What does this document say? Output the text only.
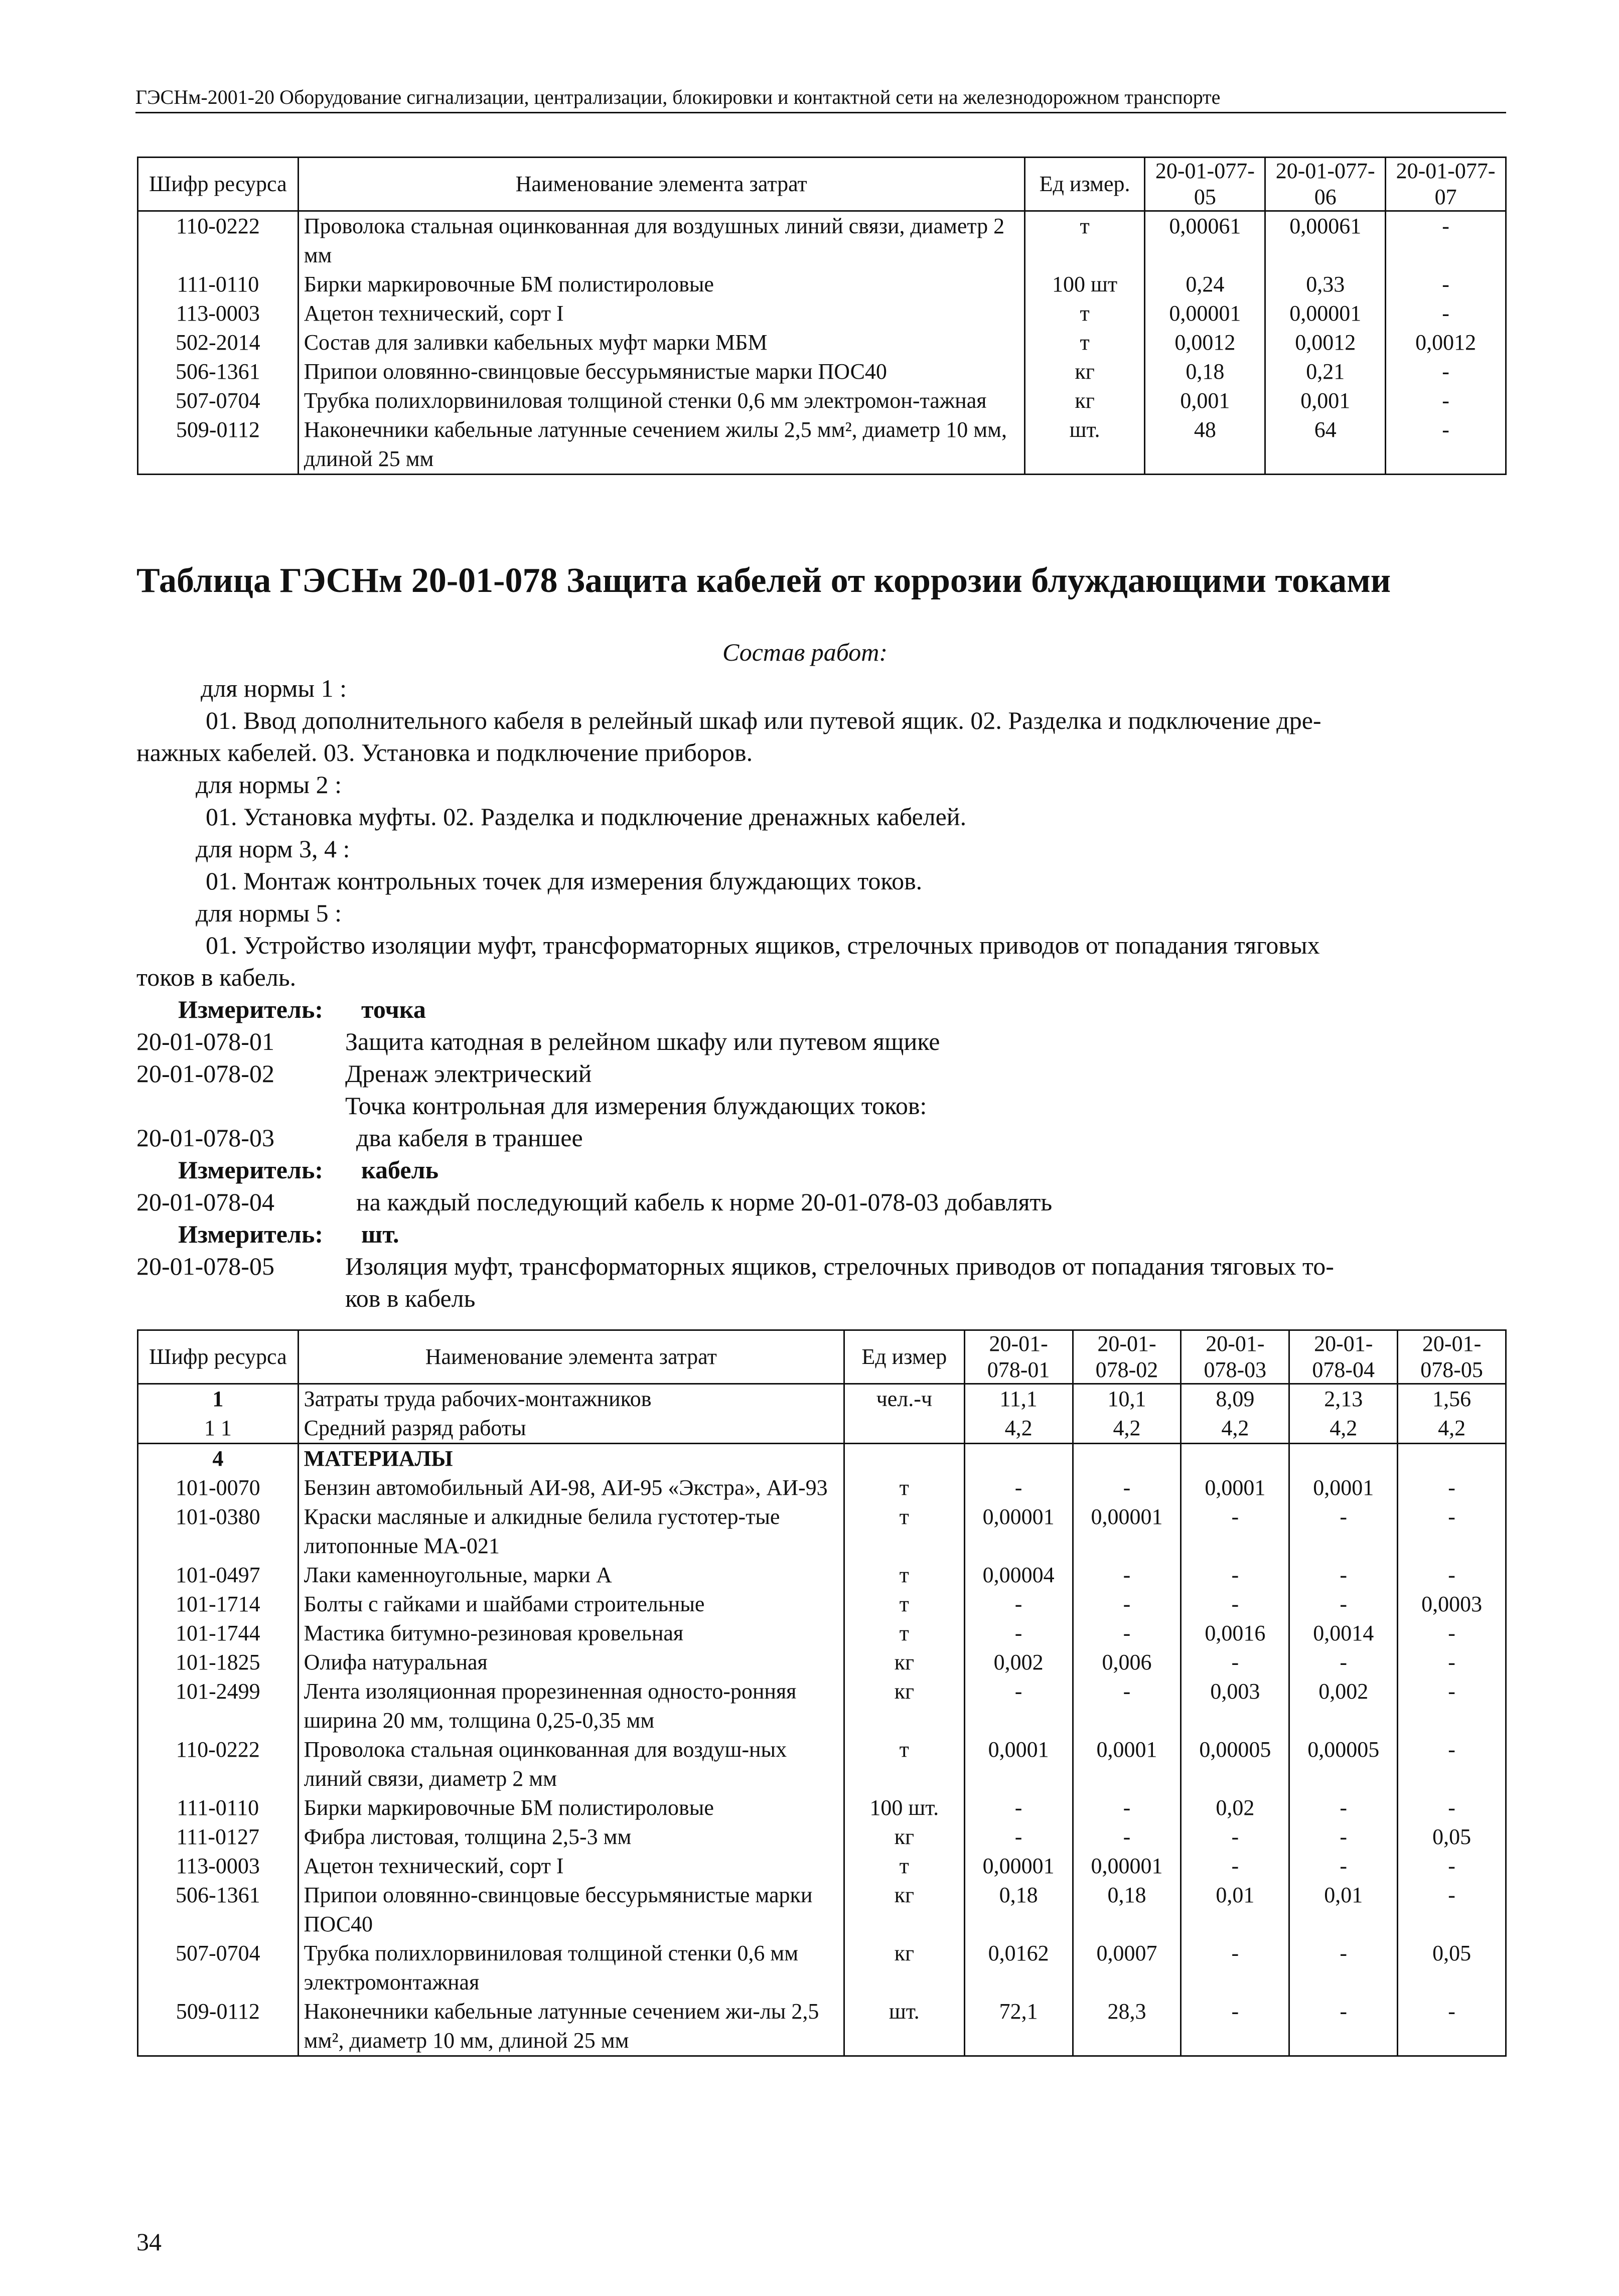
ГЭСНм-2001-20 Оборудование сигнализации, централизации, блокировки и контактной сети на железнодорожном транспорте
Шифр ресурса	Наименование элемента затрат	Ед измер.	20-01-077-05	20-01-077-06	20-01-077-07
110-0222	Проволока стальная оцинкованная для воздушных линий связи, диаметр 2 мм	т	0,00061	0,00061	-
111-0110	Бирки маркировочные БМ полистироловые	100 шт	0,24	0,33	-
113-0003	Ацетон технический, сорт I	т	0,00001	0,00001	-
502-2014	Состав для заливки кабельных муфт марки МБМ	т	0,0012	0,0012	0,0012
506-1361	Припои оловянно-свинцовые бессурьмянистые марки ПОС40	кг	0,18	0,21	-
507-0704	Трубка полихлорвиниловая толщиной стенки 0,6 мм электромон-тажная	кг	0,001	0,001	-
509-0112	Наконечники кабельные латунные сечением жилы 2,5 мм², диаметр 10 мм, длиной 25 мм	шт.	48	64	-
Таблица ГЭСНм 20-01-078 Защита кабелей от коррозии блуждающими токами
Состав работ:
для нормы 1 :
01. Ввод дополнительного кабеля в релейный шкаф или путевой ящик. 02. Разделка и подключение дре-
нажных кабелей. 03. Установка и подключение приборов.
для нормы 2 :
01. Установка муфты. 02. Разделка и подключение дренажных кабелей.
для норм 3, 4 :
01. Монтаж контрольных точек для измерения блуждающих токов.
для нормы 5 :
01. Устройство изоляции муфт, трансформаторных ящиков, стрелочных приводов от попадания тяговых
токов в кабель.
Измеритель: точка
20-01-078-01	Защита катодная в релейном шкафу или путевом ящике
20-01-078-02	Дренаж электрический
Точка контрольная для измерения блуждающих токов:
20-01-078-03	два кабеля в траншее
Измеритель: кабель
20-01-078-04	на каждый последующий кабель к норме 20-01-078-03 добавлять
Измеритель: шт.
20-01-078-05	Изоляция муфт, трансформаторных ящиков, стрелочных приводов от попадания тяговых то-
ков в кабель
Шифр ресурса	Наименование элемента затрат	Ед измер	20-01-078-01	20-01-078-02	20-01-078-03	20-01-078-04	20-01-078-05
1	Затраты труда рабочих-монтажников	чел.-ч	11,1	10,1	8,09	2,13	1,56
1 1	Средний разряд работы		4,2	4,2	4,2	4,2	4,2
4	МАТЕРИАЛЫ						
101-0070	Бензин автомобильный АИ-98, АИ-95 «Экстра», АИ-93	т	-	-	0,0001	0,0001	-
101-0380	Краски масляные и алкидные белила густотер-тые литопонные МА-021	т	0,00001	0,00001	-	-	-
101-0497	Лаки каменноугольные, марки А	т	0,00004	-	-	-	-
101-1714	Болты с гайками и шайбами строительные	т	-	-	-	-	0,0003
101-1744	Мастика битумно-резиновая кровельная	т	-	-	0,0016	0,0014	-
101-1825	Олифа натуральная	кг	0,002	0,006	-	-	-
101-2499	Лента изоляционная прорезиненная односто-ронняя ширина 20 мм, толщина 0,25-0,35 мм	кг	-	-	0,003	0,002	-
110-0222	Проволока стальная оцинкованная для воздуш-ных линий связи, диаметр 2 мм	т	0,0001	0,0001	0,00005	0,00005	-
111-0110	Бирки маркировочные БМ полистироловые	100 шт.	-	-	0,02	-	-
111-0127	Фибра листовая, толщина 2,5-3 мм	кг	-	-	-	-	0,05
113-0003	Ацетон технический, сорт I	т	0,00001	0,00001	-	-	-
506-1361	Припои оловянно-свинцовые бессурьмянистые марки ПОС40	кг	0,18	0,18	0,01	0,01	-
507-0704	Трубка полихлорвиниловая толщиной стенки 0,6 мм электромонтажная	кг	0,0162	0,0007	-	-	0,05
509-0112	Наконечники кабельные латунные сечением жи-лы 2,5 мм², диаметр 10 мм, длиной 25 мм	шт.	72,1	28,3	-	-	-
34
